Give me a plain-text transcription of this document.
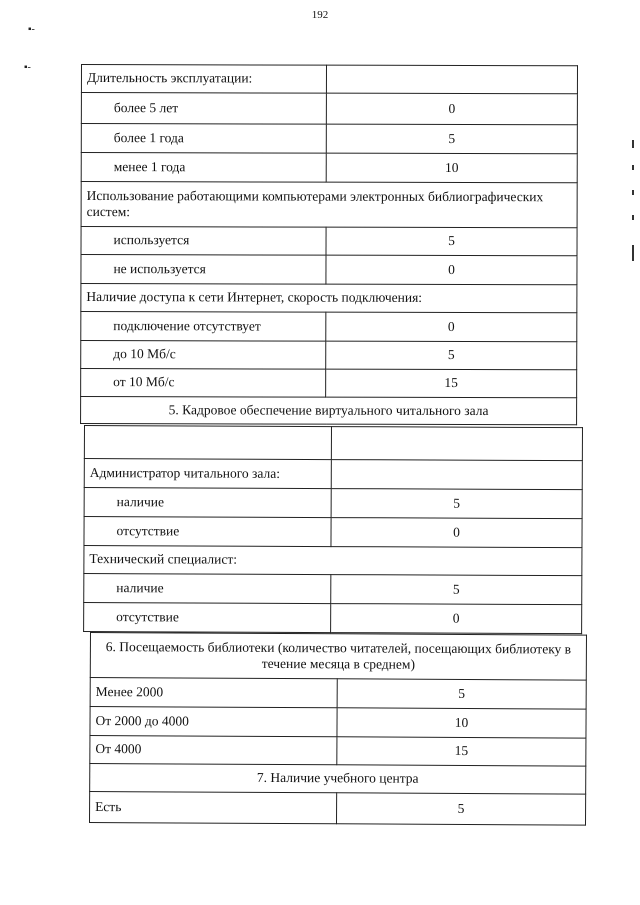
192
▪-
▪-
Длительность эксплуатации:	
более 5 лет	0
более 1 года	5
менее 1 года	10
Использование работающими компьютерами электронных библиографических систем:	
используется	5
не используется	0
Наличие доступа к сети Интернет, скорость подключения:	
подключение отсутствует	0
до 10 Мб/с	5
от 10 Мб/с	15
5. Кадровое обеспечение виртуального читального зала	

Администратор читального зала:	
наличие	5
отсутствие	0
Технический специалист:	
наличие	5
отсутствие	0
6. Посещаемость библиотеки (количество читателей, посещающих библиотеку в течение месяца в среднем)	
Менее 2000	5
От 2000 до 4000	10
От 4000	15
7. Наличие учебного центра	
Есть	5
